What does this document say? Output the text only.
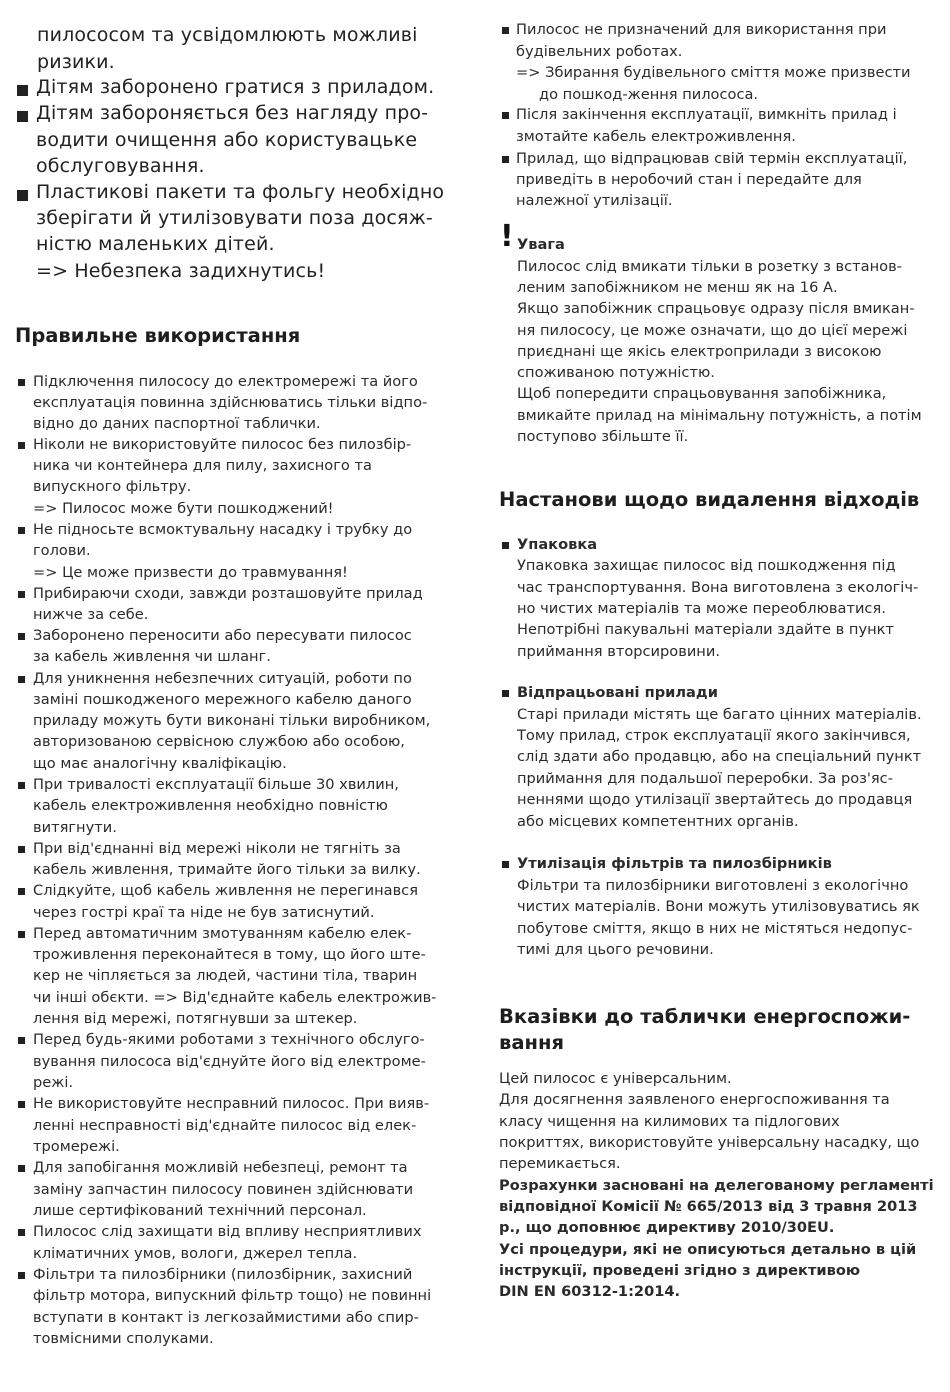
пилососом та усвідомлюють можливі
ризики.
Дітям заборонено гратися з приладом.
Дітям забороняється без нагляду про-
водити очищення або користувацьке
обслуговування.
Пластикові пакети та фольгу необхідно
зберігати й утилізовувати поза досяж-
ністю маленьких дітей.
=> Небезпека задихнутись!
Правильне використання
Підключення пилососу до електромережі та його
експлуатація повинна здійснюватись тільки відпо-
відно до даних паспортної таблички.
Ніколи не використовуйте пилосос без пилозбір-
ника чи контейнера для пилу, захисного та
випускного фільтру.
=> Пилосос може бути пошкоджений!
Не підносьте всмоктувальну насадку і трубку до
голови.
=> Це може призвести до травмування!
Прибираючи сходи, завжди розташовуйте прилад
нижче за себе.
Заборонено переносити або пересувати пилосос
за кабель живлення чи шланг.
Для уникнення небезпечних ситуацій, роботи по
заміні пошкодженого мережного кабелю даного
приладу можуть бути виконані тільки виробником,
авторизованою сервісною службою або особою,
що має аналогічну кваліфікацію.
При тривалості експлуатації більше 30 хвилин,
кабель електроживлення необхідно повністю
витягнути.
При від'єднанні від мережі ніколи не тягніть за
кабель живлення, тримайте його тільки за вилку.
Слідкуйте, щоб кабель живлення не перегинався
через гострі краї та ніде не був затиснутий.
Перед автоматичним змотуванням кабелю елек-
троживлення переконайтеся в тому, що його ште-
кер не чіпляється за людей, частини тіла, тварин
чи інші обєкти. => Від'єднайте кабель електрожив-
лення від мережі, потягнувши за штекер.
Перед будь-якими роботами з технічного обслуго-
вування пилососа від'єднуйте його від електроме-
режі.
Не використовуйте несправний пилосос. При вияв-
ленні несправності від'єднайте пилосос від елек-
тромережі.
Для запобігання можливій небезпеці, ремонт та
заміну запчастин пилососу повинен здійснювати
лише сертифікований технічний персонал.
Пилосос слід захищати від впливу несприятливих
кліматичних умов, вологи, джерел тепла.
Фільтри та пилозбірники (пилозбірник, захисний
фільтр мотора, випускний фільтр тощо) не повинні
вступати в контакт із легкозаймистими або спир-
товмісними сполуками.
Пилосос не призначений для використання при
будівельних роботах.
=> Збирання будівельного сміття може призвести
до пошкод-ження пилососа.
Після закінчення експлуатації, вимкніть прилад і
змотайте кабель електроживлення.
Прилад, що відпрацював свій термін експлуатації,
приведіть в неробочий стан і передайте для
належної утилізації.
! Увага
Пилосос слід вмикати тільки в розетку з встанов-
леним запобіжником не менш як на 16 А.
Якщо запобіжник спрацьовує одразу після вмикан-
ня пилососу, це може означати, що до цієї мережі
приєднані ще якісь електроприлади з високою
споживаною потужністю.
Щоб попередити спрацьовування запобіжника,
вмикайте прилад на мінімальну потужність, а потім
поступово збільште її.
Настанови щодо видалення відходів
Упаковка
Упаковка захищає пилосос від пошкодження під
час транспортування. Вона виготовлена з екологіч-
но чистих матеріалів та може переоблюватися.
Непотрібні пакувальні матеріали здайте в пункт
приймання вторсировини.
Відпрацьовані прилади
Старі прилади містять ще багато цінних матеріалів.
Тому прилад, строк експлуатації якого закінчився,
слід здати або продавцю, або на спеціальний пункт
приймання для подальшої переробки. За роз'яс-
неннями щодо утилізації звертайтесь до продавця
або місцевих компетентних органів.
Утилізація фільтрів та пилозбірників
Фільтри та пилозбірники виготовлені з екологічно
чистих матеріалів. Вони можуть утилізовуватись як
побутове сміття, якщо в них не містяться недопус-
тимі для цього речовини.
Вказівки до таблички енергоспожи-
вання
Цей пилосос є універсальним.
Для досягнення заявленого енергоспоживання та
класу чищення на килимових та підлогових
покриттях, використовуйте універсальну насадку, що
перемикається.
Розрахунки засновані на делегованому регламенті
відповідної Комісії № 665/2013 від 3 травня 2013
р., що доповнює директиву 2010/30EU.
Усі процедури, які не описуються детально в цій
інструкції, проведені згідно з директивою
DIN EN 60312-1:2014.
